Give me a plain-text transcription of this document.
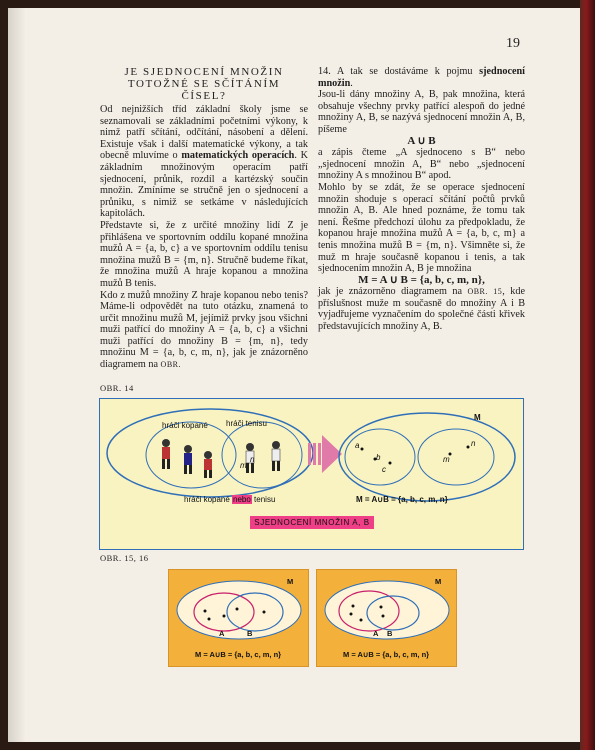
19

JE SJEDNOCENÍ MNOŽIN

TOTOŽNÉ SE SČÍTÁNÍM

ČÍSEL?

Od nejnižších tříd základní školy jsme se seznamovali se základními početními výkony, k nimž patří sčítání, odčítání, násobení a dělení. Existuje však i další matematické výkony, a tak obecně mluvíme o matematických operacích. K základním množinovým operacím patří sjednocení, průnik, rozdíl a kartézský součin množin. Zmíníme se stručně jen o sjednocení a průniku, s nimiž se setkáme v následujících kapitolách.

Představte si, že z určité množiny lidí Z je přihlášena ve sportovním oddílu kopané množina mužů A = {a, b, c} a ve sportovním oddílu tenisu množina mužů B = {m, n}. Stručně budeme říkat, že množina mužů A hraje kopanou a množina mužů B tenis.

Kdo z mužů množiny Z hraje kopanou nebo tenis? Máme-li odpovědět na tuto otázku, znamená to určit množinu mužů M, jejímiž prvky jsou všichni muži patřící do množiny A = {a, b, c} a všichni muži patřící do množiny B = {m, n}, tedy množinu M = {a, b, c, m, n}, jak je znázorněno diagramem na OBR.

14. A tak se dostáváme k pojmu sjednocení množin.

Jsou-li dány množiny A, B, pak množina, která obsahuje všechny prvky patřící alespoň do jedné množiny A, B, se nazývá sjednocení množin A, B, píšeme

A ∪ B

a zápis čteme „A sjednoceno s B“ nebo „sjednocení množin A, B“ nebo „sjednocení množiny A s množinou B“ apod.

Mohlo by se zdát, že se operace sjednocení množin shoduje s operací sčítání počtů prvků množin A, B. Ale hned poznáme, že tomu tak není. Řešme předchozí úlohu za předpokladu, že kopanou hraje množina mužů A = {a, b, c, m} a tenis množina mužů B = {m, n}. Všimněte si, že muž m hraje současně kopanou i tenis, a tak sjednocením množin A, B je množina

M = A ∪ B = {a, b, c, m, n},

jak je znázorněno diagramem na OBR. 15, kde příslušnost muže m současně do množiny A i B vyjadřujeme vyznačením do společné části křivek představujících množiny A, B.

OBR. 14
hráči kopané hráči tenisu
M
m
n
a
b
c
m
n
hráči kopané nebo tenisu	M = A∪B = {a, b, c, m, n}
SJEDNOCENÍ MNOŽIN A, B
OBR. 15, 16
M
A	B
M = A∪B = {a, b, c, m, n}
M
A B
M = A∪B = {a, b, c, m, n}
